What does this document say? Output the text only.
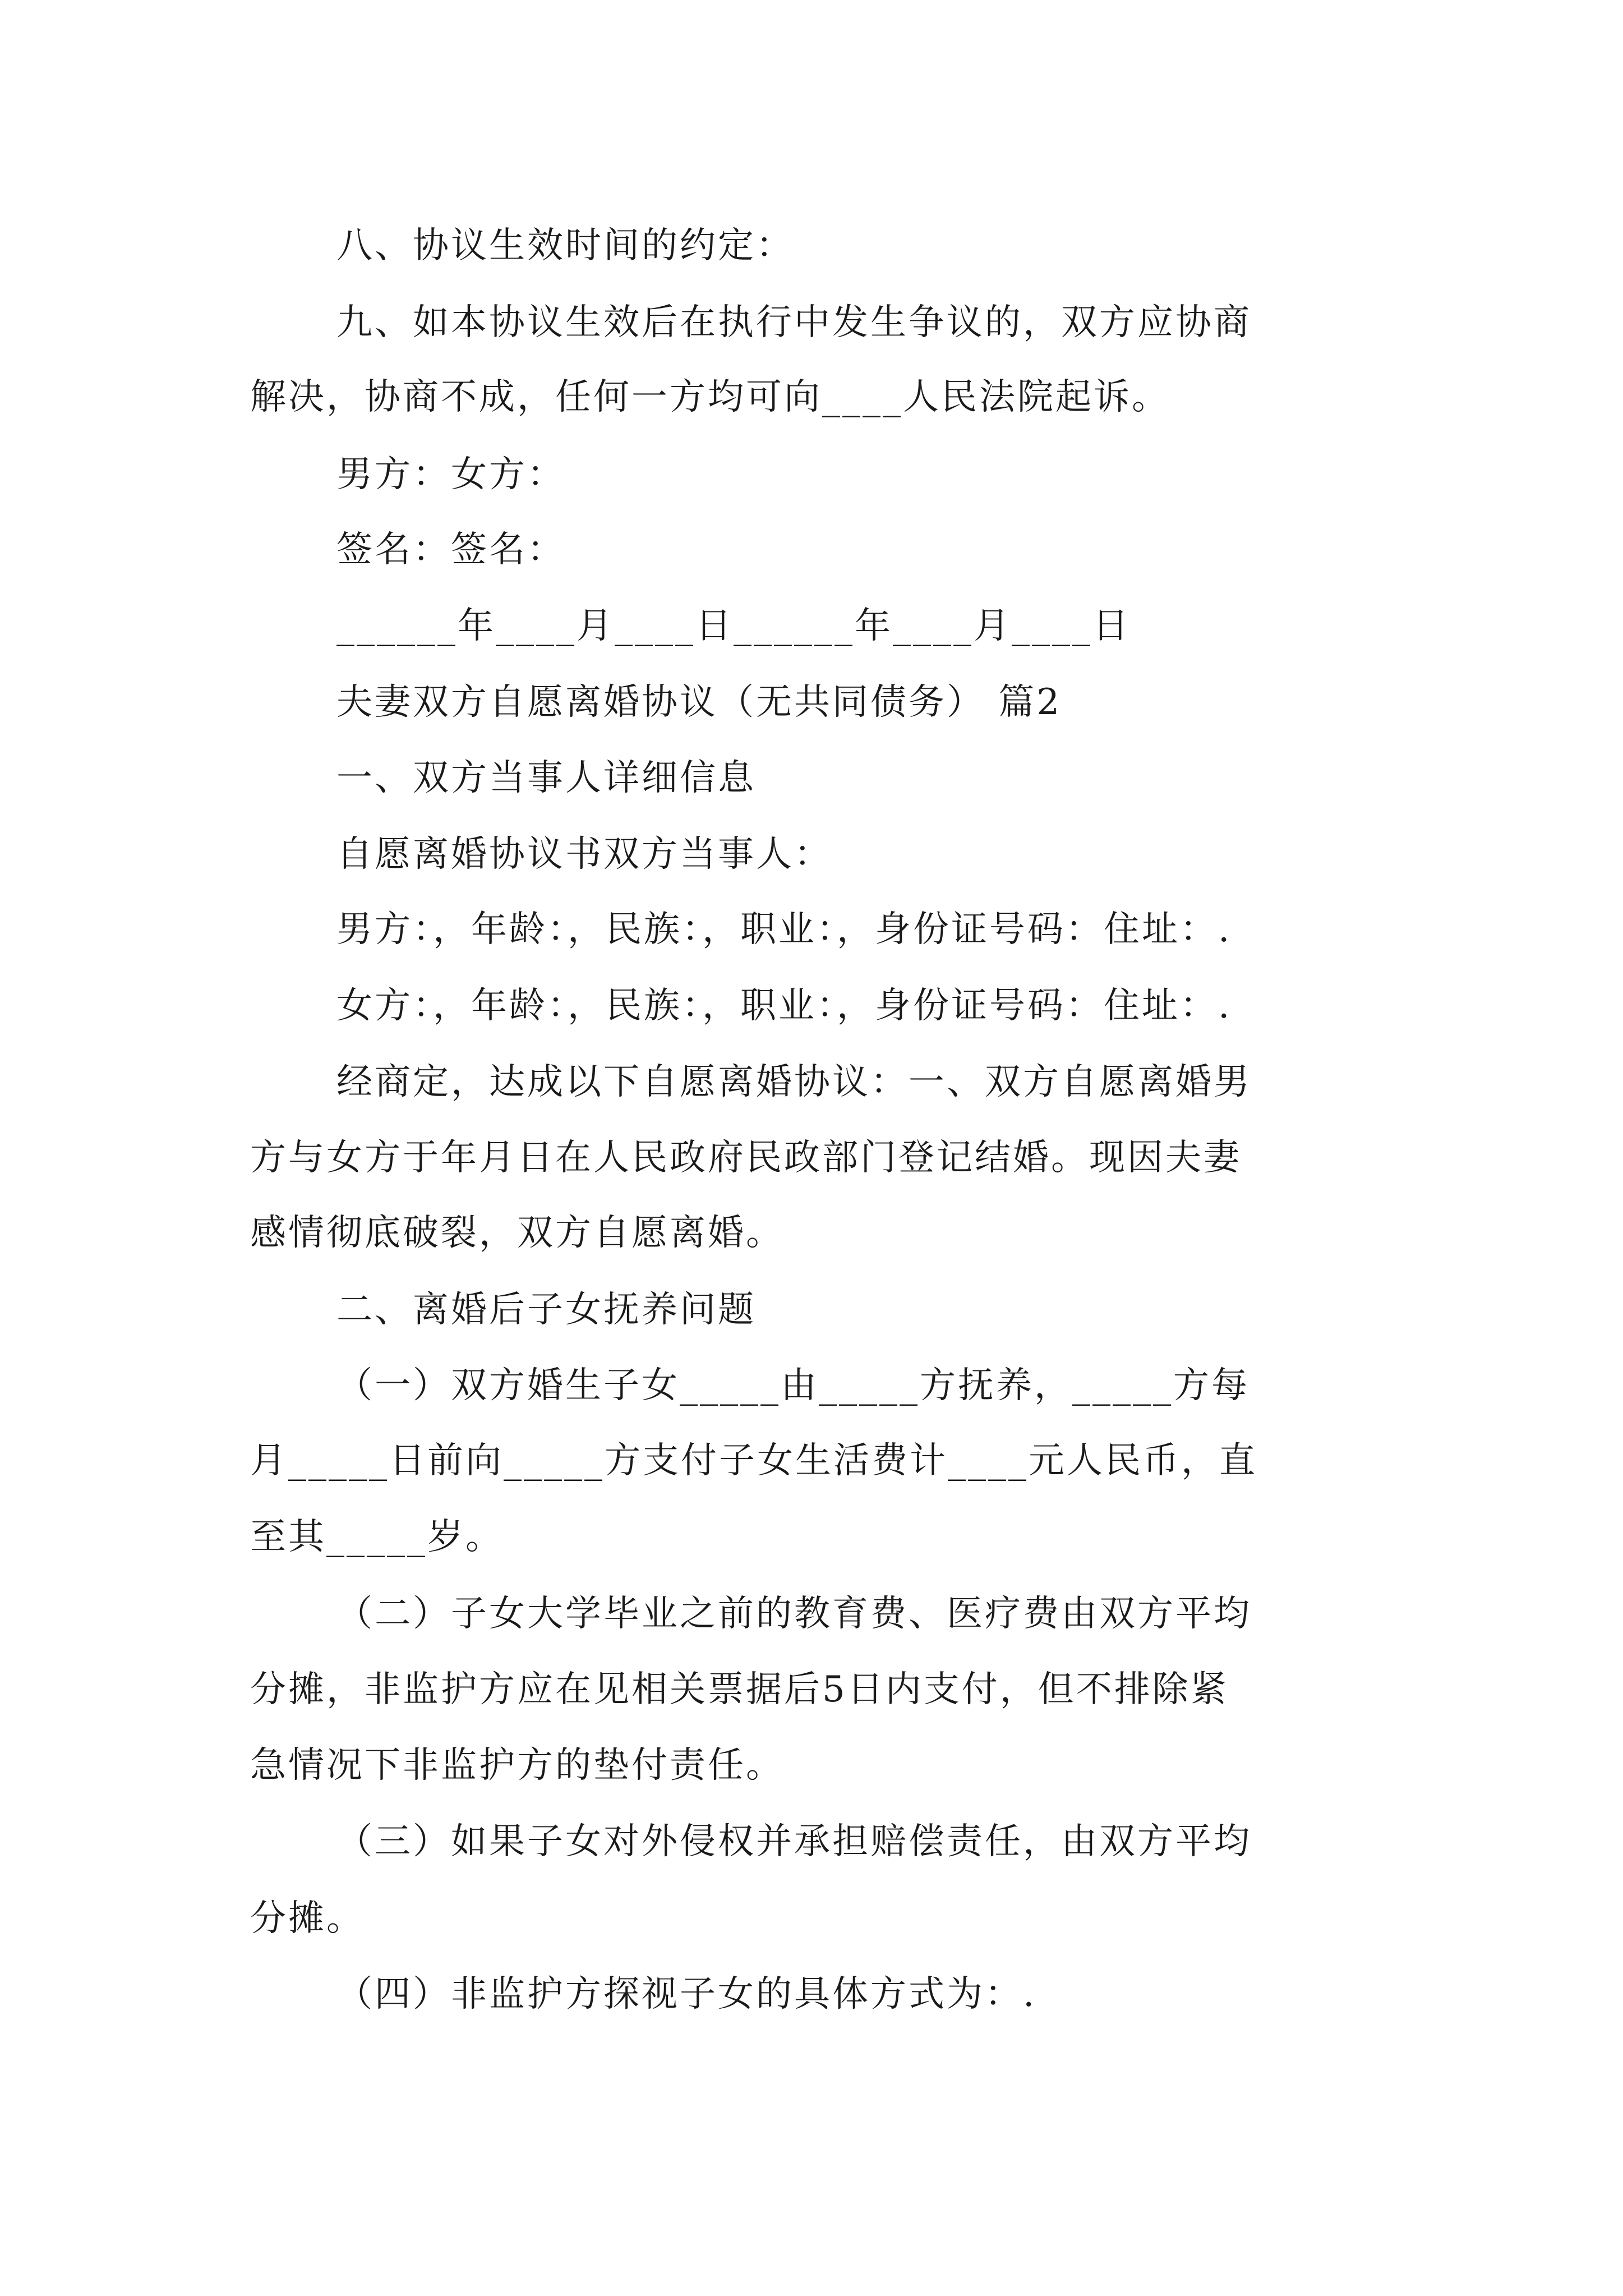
八、协议生效时间的约定：
九、如本协议生效后在执行中发生争议的，双方应协商
解决，协商不成，任何一方均可向____人民法院起诉。
男方：女方：
签名：签名：
______年____月____日______年____月____日
夫妻双方自愿离婚协议（无共同债务） 篇2
一、双方当事人详细信息
自愿离婚协议书双方当事人：
男方：，年龄：，民族：，职业：，身份证号码：住址：.
女方：，年龄：，民族：，职业：，身份证号码：住址：.
经商定，达成以下自愿离婚协议：一、双方自愿离婚男
方与女方于年月日在人民政府民政部门登记结婚。现因夫妻
感情彻底破裂，双方自愿离婚。
二、离婚后子女抚养问题
（一）双方婚生子女_____由_____方抚养，_____方每
月_____日前向_____方支付子女生活费计____元人民币，直
至其_____岁。
（二）子女大学毕业之前的教育费、医疗费由双方平均
分摊，非监护方应在见相关票据后5日内支付，但不排除紧
急情况下非监护方的垫付责任。
（三）如果子女对外侵权并承担赔偿责任，由双方平均
分摊。
（四）非监护方探视子女的具体方式为：.
